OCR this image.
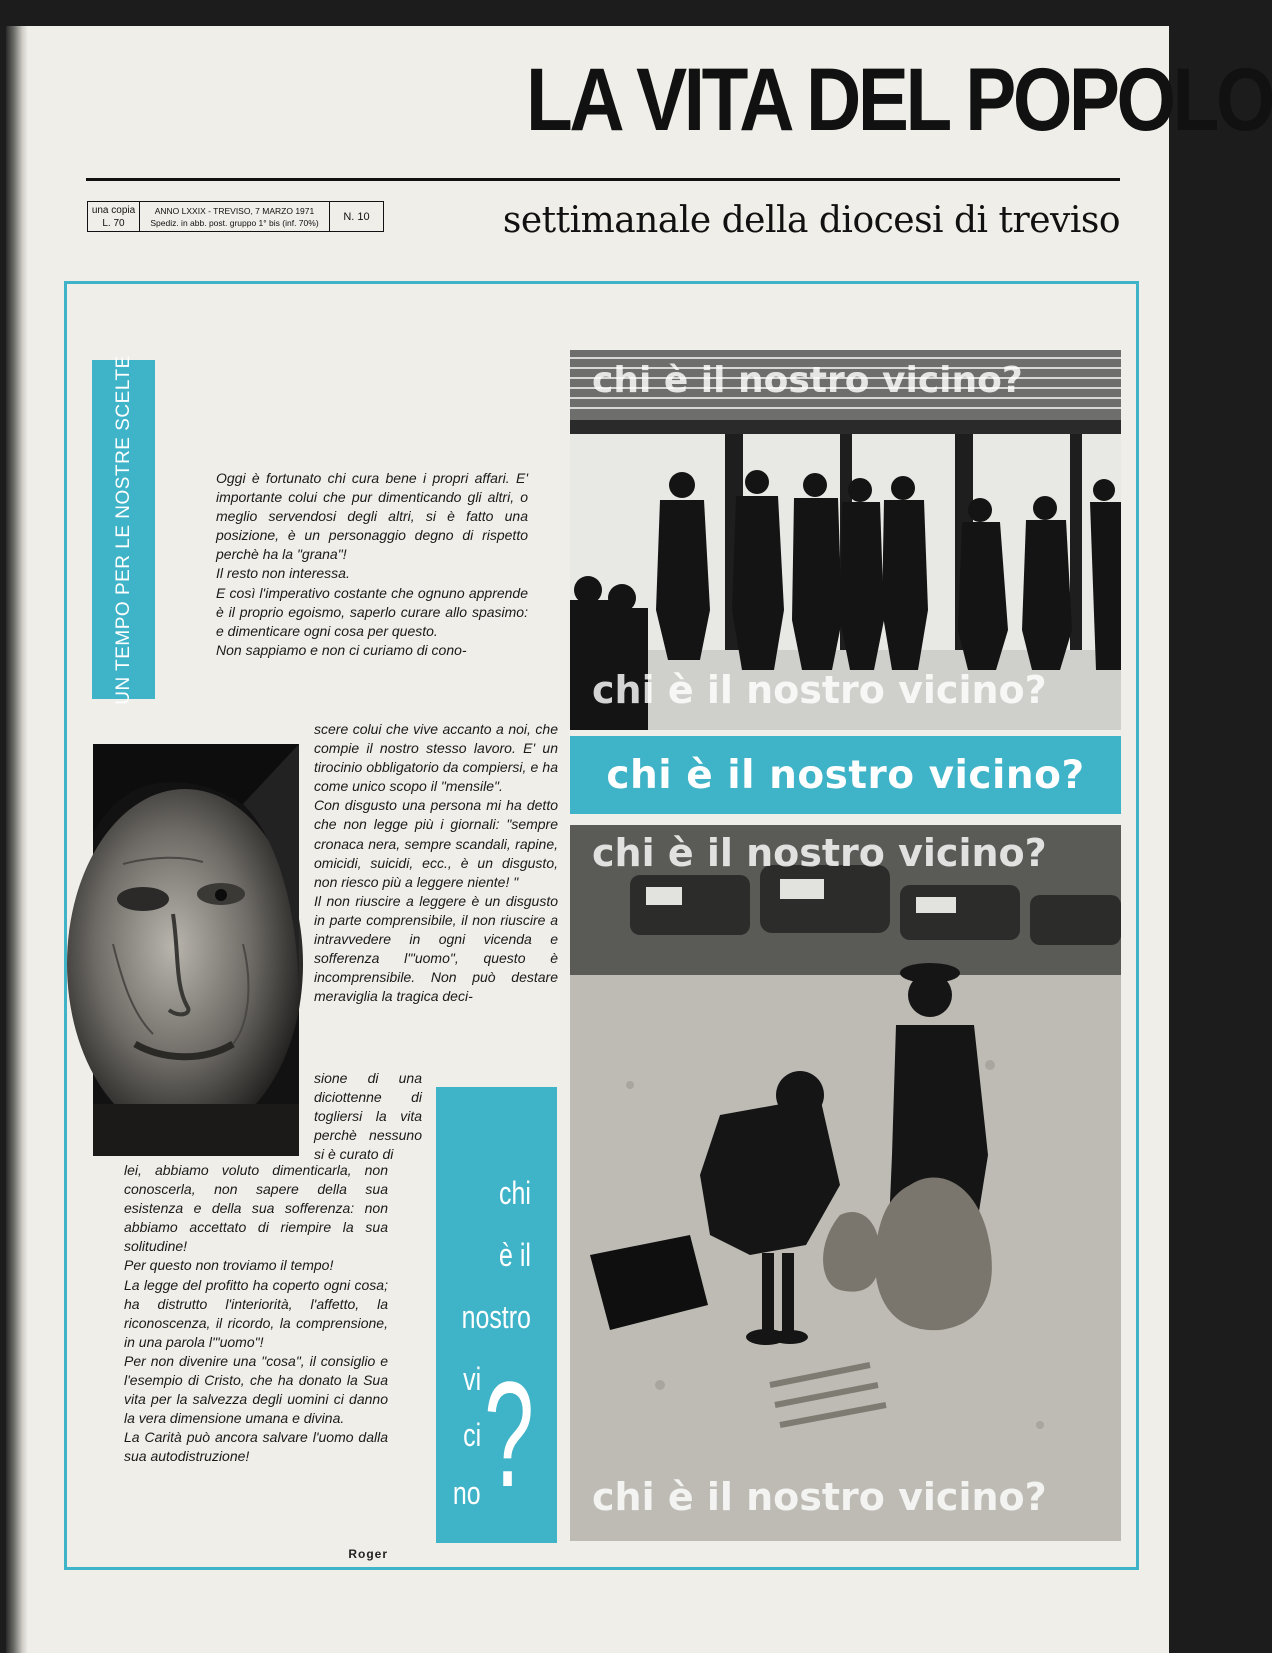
LA VITA DEL POPOLO
una copia
L. 70
ANNO LXXIX - TREVISO, 7 MARZO 1971
Spediz. in abb. post. gruppo 1° bis (inf. 70%)	N. 10	settimanale della diocesi di treviso
UN TEMPO PER LE NOSTRE SCELTE	Oggi è fortunato chi cura bene i propri affari. E' importante colui che pur dimenticando gli altri, o meglio servendosi degli altri, si è fatto una posizione, è un personaggio degno di rispetto perchè ha la "grana"!

Il resto non interessa.

E così l'imperativo costante che ognuno apprende è il proprio egoismo, saperlo curare allo spasimo: e dimenticare ogni cosa per questo.

Non sappiamo e non ci curiamo di cono-

scere colui che vive accanto a noi, che compie il nostro stesso lavoro. E' un tirocinio obbligatorio da compiersi, e ha come unico scopo il "mensile".

Con disgusto una persona mi ha detto che non legge più i giornali: "sempre cronaca nera, sempre scandali, rapine, omicidi, suicidi, ecc., è un disgusto, non riesco più a leggere niente! "

Il non riuscire a leggere è un disgusto in parte comprensibile, il non riuscire a intravvedere in ogni vicenda e sofferenza l'"uomo", questo è incomprensibile. Non può destare meraviglia la tragica deci-

sione di una diciottenne di togliersi la vita perchè nessuno si è curato di

lei, abbiamo voluto dimenticarla, non conoscerla, non sapere della sua esistenza e della sua sofferenza: non abbiamo accettato di riempire la sua solitudine!

Per questo non troviamo il tempo!

La legge del profitto ha coperto ogni cosa; ha distrutto l'interiorità, l'affetto, la riconoscenza, il ricordo, la comprensione, in una parola l'"uomo"!

Per non divenire una "cosa", il consiglio e l'esempio di Cristo, che ha donato la Sua vita per la salvezza degli uomini ci danno la vera dimensione umana e divina.

La Carità può ancora salvare l'uomo dalla sua autodistruzione!

Roger
chi
è il
nostro
vi
ci
no ?
chi è il nostro vicino?
chi è il nostro vicino?
chi è il nostro vicino?
chi è il nostro vicino?
chi è il nostro vicino?
